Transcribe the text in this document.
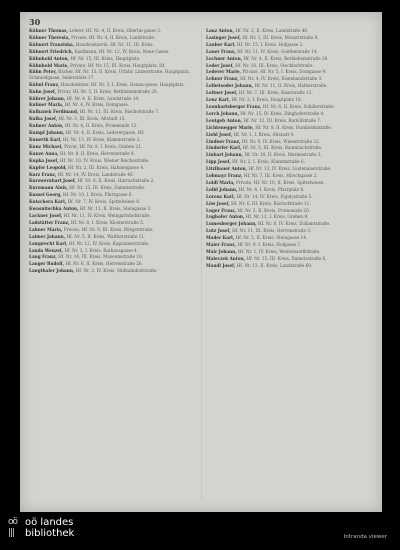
30
Kühner Thomas, Lehrer, Hf. Nr. 4, II. Kreis, Oberlin-gasse 3.
Kühner Theresia, Private, Hf. Nr. 4, II. Kreis, Landstraße.
Kühnert Franziska, Hausbesitzerin, Hf. Nr. 11, III. Kreis.
Kühnert Friedrich, Kaufmann, Hf. Nr. 12, IV. Kreis, Neue Gasse.
Kühnhold Anton, Hf. Nr. 15, III. Kreis, Hauptplatz.
Kühnhold Marie, Private, Hf. Nr. 15, III. Kreis, Hauptplatz, Hf.
Kühn Peter, Bäcker, Hf. Nr. 13, II. Kreis, Urfahr, Linzerstraße, Hauptplatz, Schmiedgasse, Seilerstätte 17.
Kühnl Franz, Hausbesitzer, Hf. Nr. 3, I. Kreis, Donau-gasse, Hauptplatz.
Kuhn Josef, Privat, Hf. Nr. 5, II. Kreis, Bethlehemstraße 20.
Kührer Johann, Hf. Nr. 4, II. Kreis, Landstraße 14.
Kuhner Maria, Hf. Nr. 4, IV. Kreis, Domgasse.
Kulhanek Ferdinand, Hf. Nr. 11, III. Kreis, Bischofstraße 7.
Kulka Josef, Hf. Nr. 3, III. Kreis, Altstadt 15.
Kulmer Anton, Hf. Nr. 4, II. Kreis, Promenade 12.
Kumpf Johann, Hf. Nr. 4, II. Kreis, Lederergasse, Hf.
Kunerth Karl, Hf. Nr. 13, IV. Kreis, Klammstraße 3.
Kunz Michael, Privat, Hf. Nr. 8, I. Kreis, Graben 21.
Kunze Anna, Hf. Nr. 8, II. Kreis, Herrenstraße 9.
Kupka Josef, Hf. Nr. 10, IV. Kreis, Wiener Reichsstraße.
Kupfer Leopold, Hf. Nr. 2, III. Kreis, Hahnengasse 4.
Kurz Franz, Hf. Nr. 14, IV. Kreis, Landstraße 40.
Kurzwernhart Josef, Hf. Nr. 6, II. Kreis, Harrachstraße 2.
Kurzmann Alois, Hf. Nr. 13, III. Kreis, Dametzstraße.
Kussel Georg, Hf. Nr. 10, I. Kreis, Pfarrgasse 6.
Kutschera Karl, Hf. Nr. 7, IV. Kreis, Spittelwiese 8.
Kwasnitschka Anton, Hf. Nr. 11, II. Kreis, Steingasse 3.
Lackner Josef, Hf. Nr. 11, IV. Kreis, Weingartshofstraße.
Ladstätter Franz, Hf. Nr. 8, I. Kreis, Klosterstraße 5.
Lahner Maria, Private, Hf. Nr. 9, III. Kreis, Bürgerstraße.
Laimer Johann, Hf. Nr. 5, II. Kreis, Waltherstraße 11.
Lamprecht Karl, Hf. Nr. 12, IV. Kreis, Kapuzinerstraße.
Landa Wenzel, Hf. Nr. 2, I. Kreis, Rathausgasse 4.
Lang Franz, Hf. Nr. 14, III. Kreis, Museumstraße 10.
Langer Rudolf, Hf. Nr. 6, II. Kreis, Herrenstraße 26.
Langthaler Johann, Hf. Nr. 3, IV. Kreis, Südbahnhofstraße.
Lanz Anton, Hf. Nr. 2, II. Kreis, Landstraße 48.
Lasinger Josef, Hf. Nr. 3, III. Kreis, Mozartstraße 8.
Lauber Karl, Hf. Nr. 15, I. Kreis, Hofgasse 2.
Lauer Franz, Hf. Nr. 11, IV. Kreis, Goethestraße 14.
Lechner Anton, Hf. Nr. 4, II. Kreis, Bethlehemstraße 30.
Leder Josef, Hf. Nr. 10, III. Kreis, Stockhofstraße.
Lederer Marie, Private, Hf. Nr. 5, I. Kreis, Domgasse 9.
Lehner Franz, Hf. Nr. 4, IV. Kreis, Eisenhandstraße 3.
Leibetseder Johann, Hf. Nr. 11, II. Kreis, Hafnerstraße.
Leitner Josef, Hf. Nr. 7, III. Kreis, Kaarstraße 12.
Lenz Karl, Hf. Nr. 3, I. Kreis, Hauptplatz 18.
Leonhartsberger Franz, Hf. Nr. 6, II. Kreis, Schillerstraße.
Lerch Johann, Hf. Nr. 15, IV. Kreis, Dinghoferstraße 4.
Leutgeb Anton, Hf. Nr. 12, III. Kreis, Rudolfstraße 7.
Lichtenegger Marie, Hf. Nr. 8, II. Kreis, Humboldtstraße.
Liebl Josef, Hf. Nr. 1, I. Kreis, Altstadt 4.
Lindner Franz, Hf. Nr. 9, IV. Kreis, Wienerstraße 22.
Lindorfer Karl, Hf. Nr. 5, III. Kreis, Baumbachstraße.
Linhart Johann, Hf. Nr. 10, II. Kreis, Marienstraße 3.
Lipp Josef, Hf. Nr. 2, I. Kreis, Klammstraße 6.
Litzlbauer Anton, Hf. Nr. 13, IV. Kreis, Lustenauerstraße.
Lobmayr Franz, Hf. Nr. 7, III. Kreis, Hirschgasse 2.
Loidl Maria, Private, Hf. Nr. 10, II. Kreis, Spittelwiese.
Loibl Johann, Hf. Nr. 4, I. Kreis, Pfarrplatz 8.
Lorenz Karl, Hf. Nr. 14, IV. Kreis, Figulystraße 5.
Löw Josef, Hf. Nr. 6, III. Kreis, Bischofstraße 11.
Luger Franz, Hf. Nr. 3, II. Kreis, Promenade 20.
Lughofer Anton, Hf. Nr. 12, I. Kreis, Graben 9.
Lumesberger Johann, Hf. Nr. 8, IV. Kreis, Zollamtstraße.
Lutz Josef, Hf. Nr. 11, III. Kreis, Herrenstraße 3.
Mader Karl, Hf. Nr. 5, II. Kreis, Steingasse 14.
Maier Franz, Hf. Nr. 9, I. Kreis, Hofgasse 7.
Mair Johann, Hf. Nr. 1, IV. Kreis, Weißenwolffstraße.
Maleczek Anton, Hf. Nr. 15, III. Kreis, Dametzstraße 6.
Mandl Josef, Hf. Nr. 13, II. Kreis, Landstraße 60.
oö oö landes
|||	bibliothek	Intranda viewer
